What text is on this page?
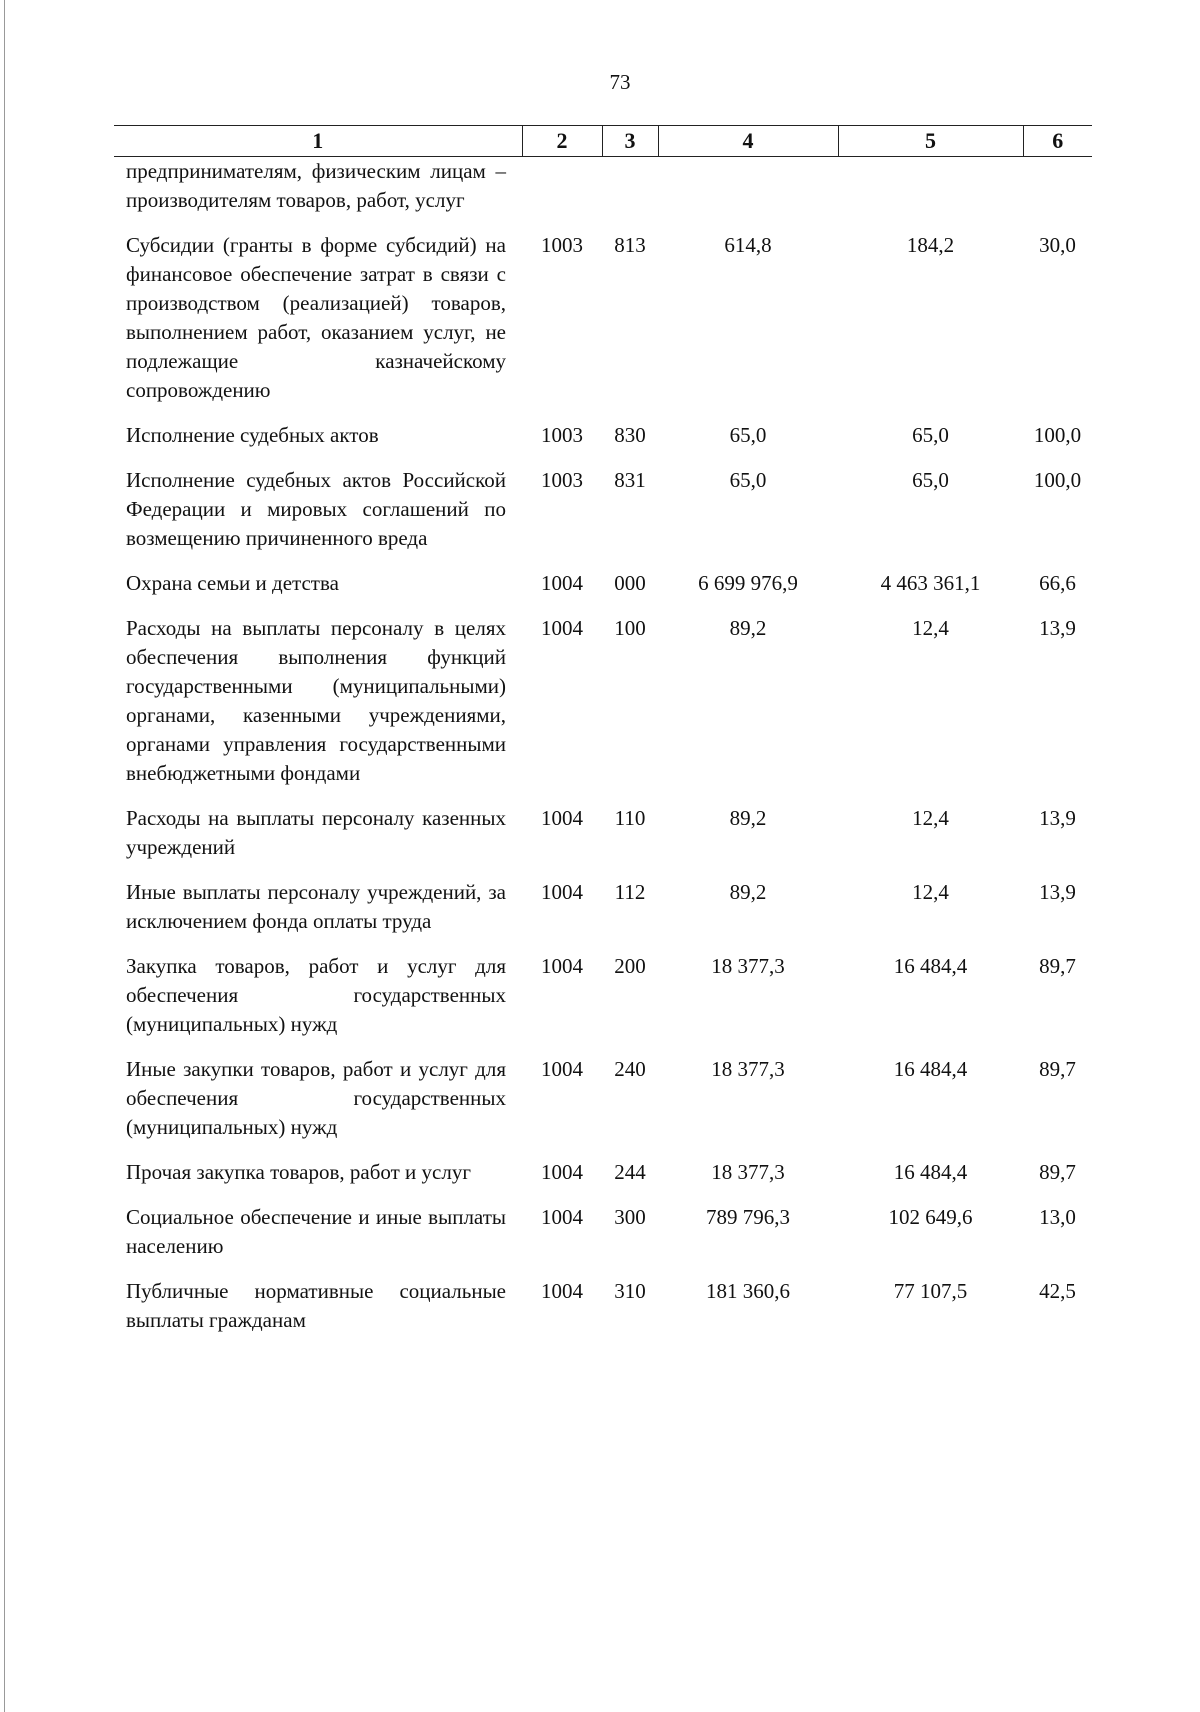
73
1	2	3	4	5	6
предпринимателям, физическим лицам – производителям товаров, работ, услуг					

Субсидии (гранты в форме субсидий) на финансовое обеспечение затрат в связи с производством (реализацией) товаров, выполнением работ, оказанием услуг, не подлежащие казначейскому сопровождению	1003	813	614,8	184,2	30,0

Исполнение судебных актов	1003	830	65,0	65,0	100,0

Исполнение судебных актов Российской Федерации и мировых соглашений по возмещению причиненного вреда	1003	831	65,0	65,0	100,0

Охрана семьи и детства	1004	000	6 699 976,9	4 463 361,1	66,6

Расходы на выплаты персоналу в целях обеспечения выполнения функций государственными (муниципальными) органами, казенными учреждениями, органами управления государственными внебюджетными фондами	1004	100	89,2	12,4	13,9

Расходы на выплаты персоналу казенных учреждений	1004	110	89,2	12,4	13,9

Иные выплаты персоналу учреждений, за исключением фонда оплаты труда	1004	112	89,2	12,4	13,9

Закупка товаров, работ и услуг для обеспечения государственных (муниципальных) нужд	1004	200	18 377,3	16 484,4	89,7

Иные закупки товаров, работ и услуг для обеспечения государственных (муниципальных) нужд	1004	240	18 377,3	16 484,4	89,7

Прочая закупка товаров, работ и услуг	1004	244	18 377,3	16 484,4	89,7

Социальное обеспечение и иные выплаты населению	1004	300	789 796,3	102 649,6	13,0

Публичные нормативные социальные выплаты гражданам	1004	310	181 360,6	77 107,5	42,5
